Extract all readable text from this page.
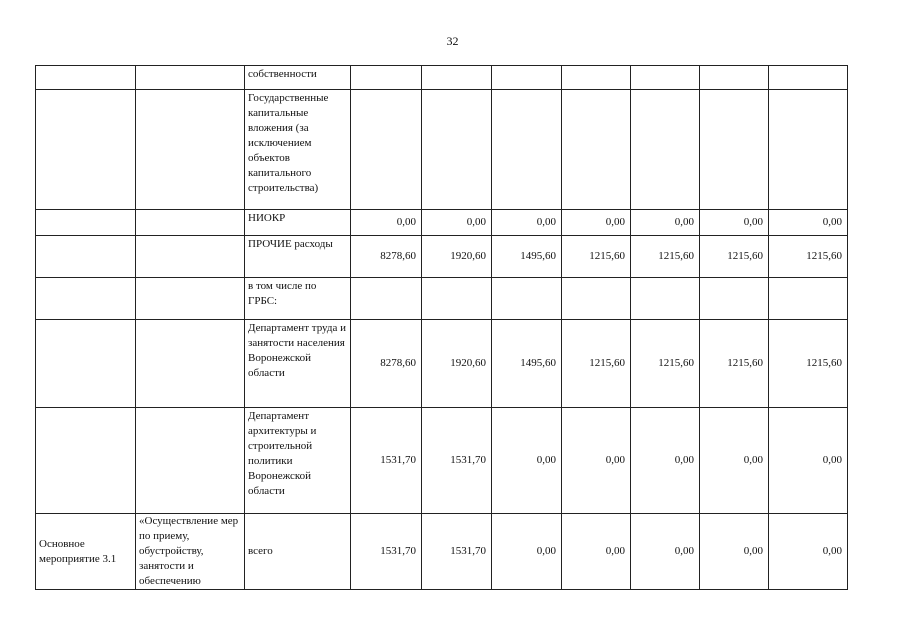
32
		собственности							
		Государственные капитальные вложения (за исключением объектов капитального строительства)							
		НИОКР	0,00	0,00	0,00	0,00	0,00	0,00	0,00
		ПРОЧИЕ расходы	8278,60	1920,60	1495,60	1215,60	1215,60	1215,60	1215,60
		в том числе по ГРБС:							
		Департамент труда и занятости населения Воронежской области	8278,60	1920,60	1495,60	1215,60	1215,60	1215,60	1215,60
		Департамент архитектуры и строительной политики Воронежской области	1531,70	1531,70	0,00	0,00	0,00	0,00	0,00
Основное мероприятие 3.1	«Осуществление мер по приему, обустройству, занятости и обеспечению	всего	1531,70	1531,70	0,00	0,00	0,00	0,00	0,00
